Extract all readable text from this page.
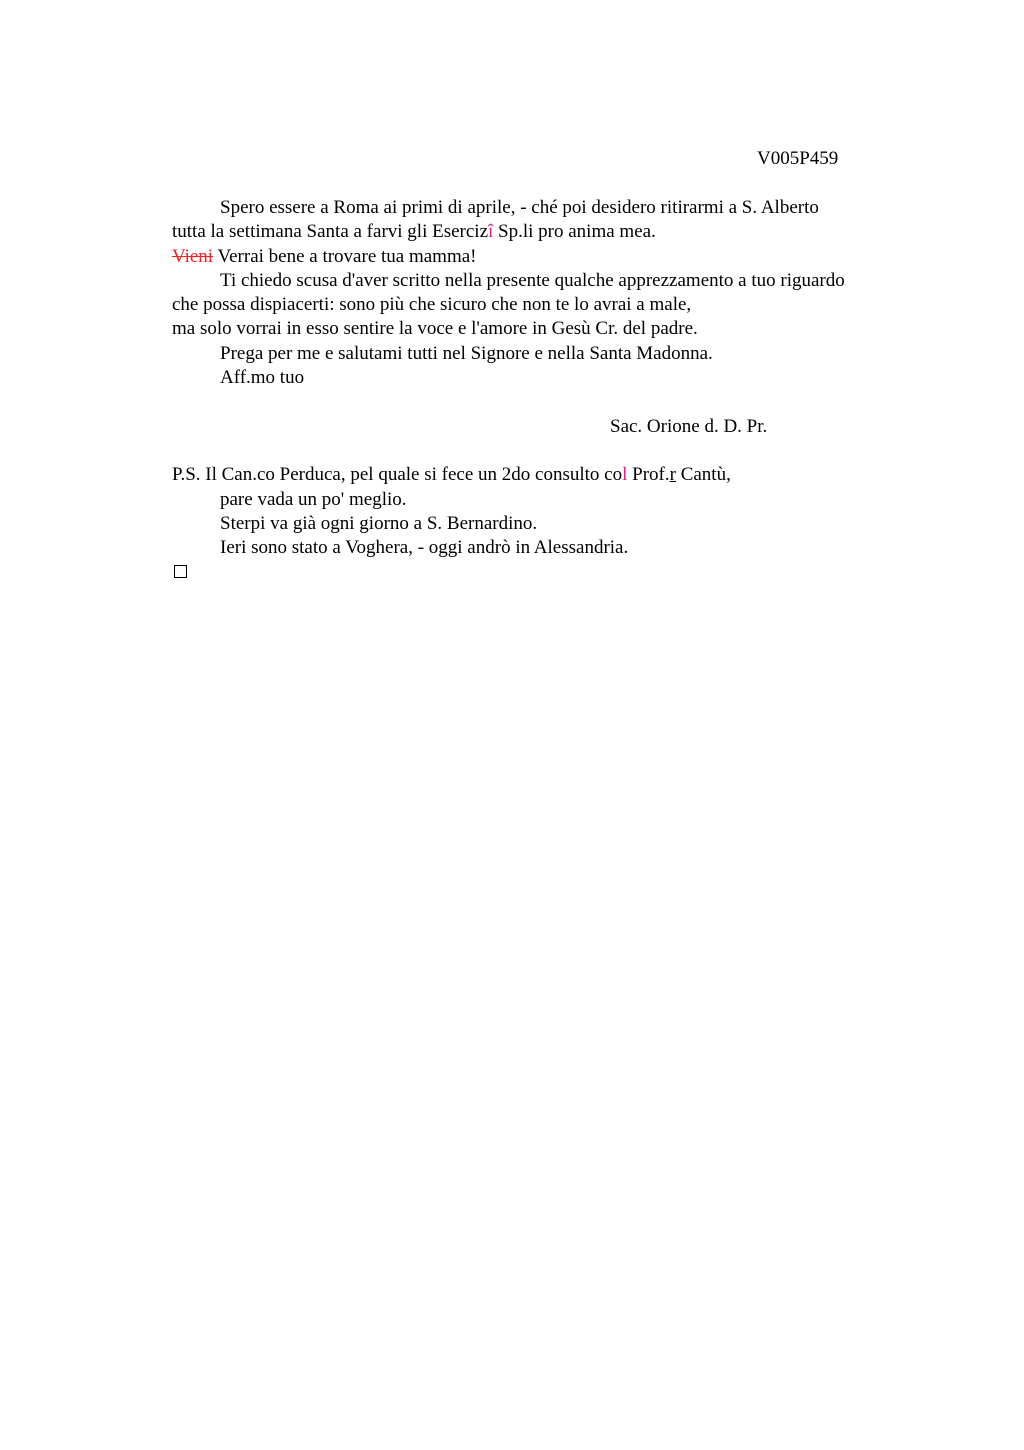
V005P459
Spero essere a Roma ai primi di aprile, - ché poi desidero ritirarmi a S. Alberto
tutta la settimana Santa a farvi gli Esercizî Sp.li pro anima mea.
Vieni Verrai bene a trovare tua mamma!
Ti chiedo scusa d'aver scritto nella presente qualche apprezzamento a tuo riguardo
che possa dispiacerti: sono più che sicuro che non te lo avrai a male,
ma solo vorrai in esso sentire la voce e l'amore in Gesù Cr. del padre.
Prega per me e salutami tutti nel Signore e nella Santa Madonna.
Aff.mo tuo
Sac. Orione d. D. Pr.
P.S. Il Can.co Perduca, pel quale si fece un 2do consulto col Prof.r Cantù,
pare vada un po' meglio.
Sterpi va già ogni giorno a S. Bernardino.
Ieri sono stato a Voghera, - oggi andrò in Alessandria.
